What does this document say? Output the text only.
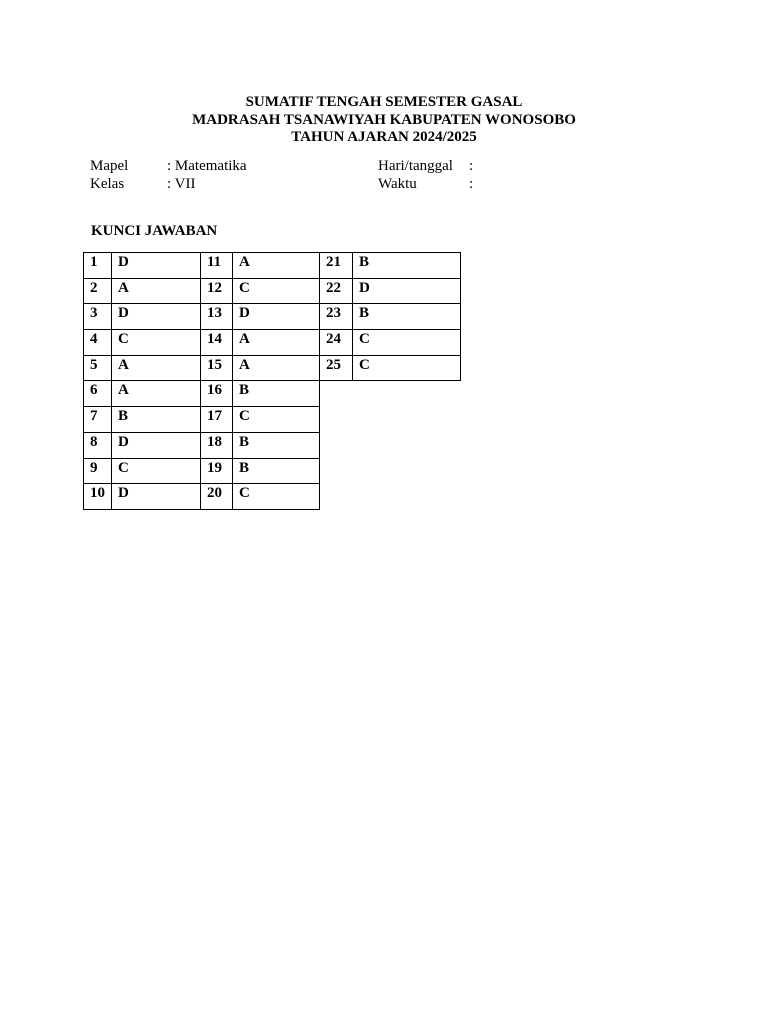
SUMATIF TENGAH SEMESTER GASAL
MADRASAH TSANAWIYAH KABUPATEN WONOSOBO
TAHUN AJARAN 2024/2025
Mapel	: Matematika	Hari/tanggal :
Kelas	: VII	Waktu	:
KUNCI JAWABAN
1	D	11	A	21	B
2	A	12	C	22	D
3	D	13	D	23	B
4	C	14	A	24	C
5	A	15	A	25	C
6	A	16	B		
7	B	17	C		
8	D	18	B		
9	C	19	B		
10	D	20	C		
